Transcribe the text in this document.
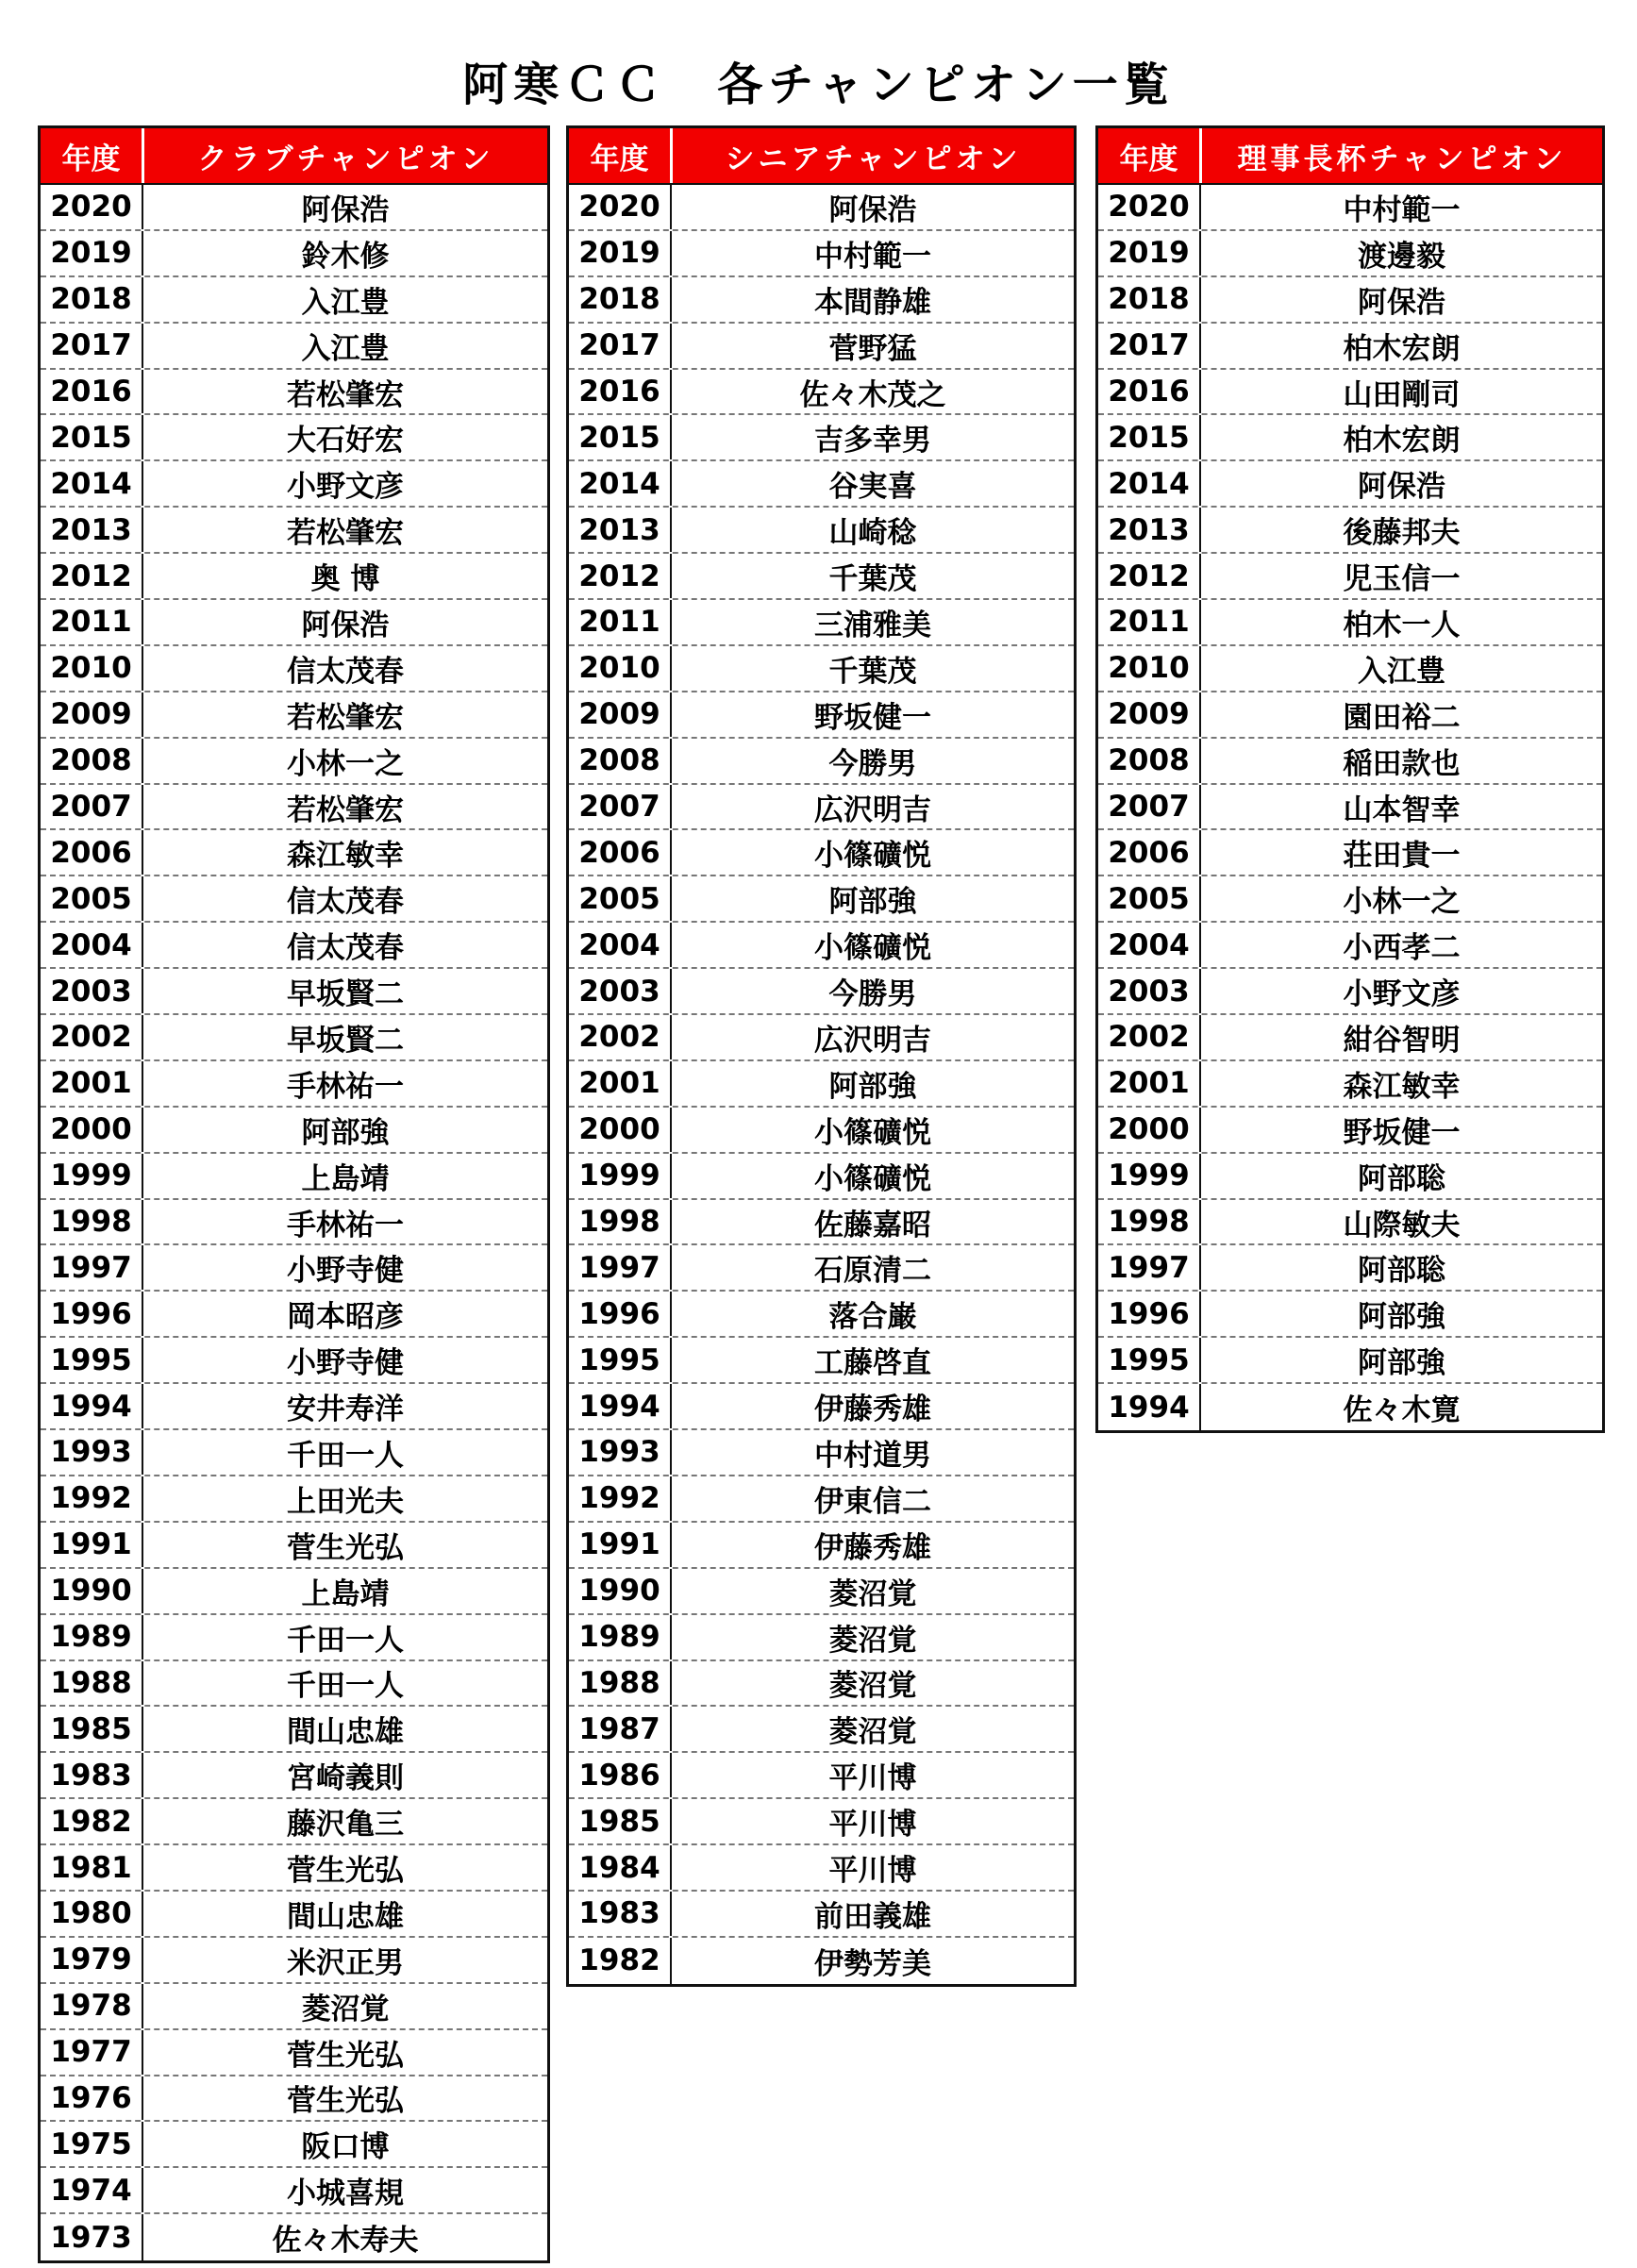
阿寒ＣＣ　各チャンピオン一覧
年度	クラブチャンピオン
2020	阿保浩
2019	鈴木修
2018	入江豊
2017	入江豊
2016	若松肇宏
2015	大石好宏
2014	小野文彦
2013	若松肇宏
2012	奥 博
2011	阿保浩
2010	信太茂春
2009	若松肇宏
2008	小林一之
2007	若松肇宏
2006	森江敏幸
2005	信太茂春
2004	信太茂春
2003	早坂賢二
2002	早坂賢二
2001	手林祐一
2000	阿部強
1999	上島靖
1998	手林祐一
1997	小野寺健
1996	岡本昭彦
1995	小野寺健
1994	安井寿洋
1993	千田一人
1992	上田光夫
1991	菅生光弘
1990	上島靖
1989	千田一人
1988	千田一人
1985	間山忠雄
1983	宮崎義則
1982	藤沢亀三
1981	菅生光弘
1980	間山忠雄
1979	米沢正男
1978	菱沼覚
1977	菅生光弘
1976	菅生光弘
1975	阪口博
1974	小城喜規
1973	佐々木寿夫
年度	シニアチャンピオン
2020	阿保浩
2019	中村範一
2018	本間静雄
2017	菅野猛
2016	佐々木茂之
2015	吉多幸男
2014	谷実喜
2013	山崎稔
2012	千葉茂
2011	三浦雅美
2010	千葉茂
2009	野坂健一
2008	今勝男
2007	広沢明吉
2006	小篠礦悦
2005	阿部強
2004	小篠礦悦
2003	今勝男
2002	広沢明吉
2001	阿部強
2000	小篠礦悦
1999	小篠礦悦
1998	佐藤嘉昭
1997	石原清二
1996	落合巌
1995	工藤啓直
1994	伊藤秀雄
1993	中村道男
1992	伊東信二
1991	伊藤秀雄
1990	菱沼覚
1989	菱沼覚
1988	菱沼覚
1987	菱沼覚
1986	平川博
1985	平川博
1984	平川博
1983	前田義雄
1982	伊勢芳美
年度	理事長杯チャンピオン
2020	中村範一
2019	渡邊毅
2018	阿保浩
2017	柏木宏朗
2016	山田剛司
2015	柏木宏朗
2014	阿保浩
2013	後藤邦夫
2012	児玉信一
2011	柏木一人
2010	入江豊
2009	園田裕二
2008	稲田款也
2007	山本智幸
2006	荘田貴一
2005	小林一之
2004	小西孝二
2003	小野文彦
2002	紺谷智明
2001	森江敏幸
2000	野坂健一
1999	阿部聡
1998	山際敏夫
1997	阿部聡
1996	阿部強
1995	阿部強
1994	佐々木寛
